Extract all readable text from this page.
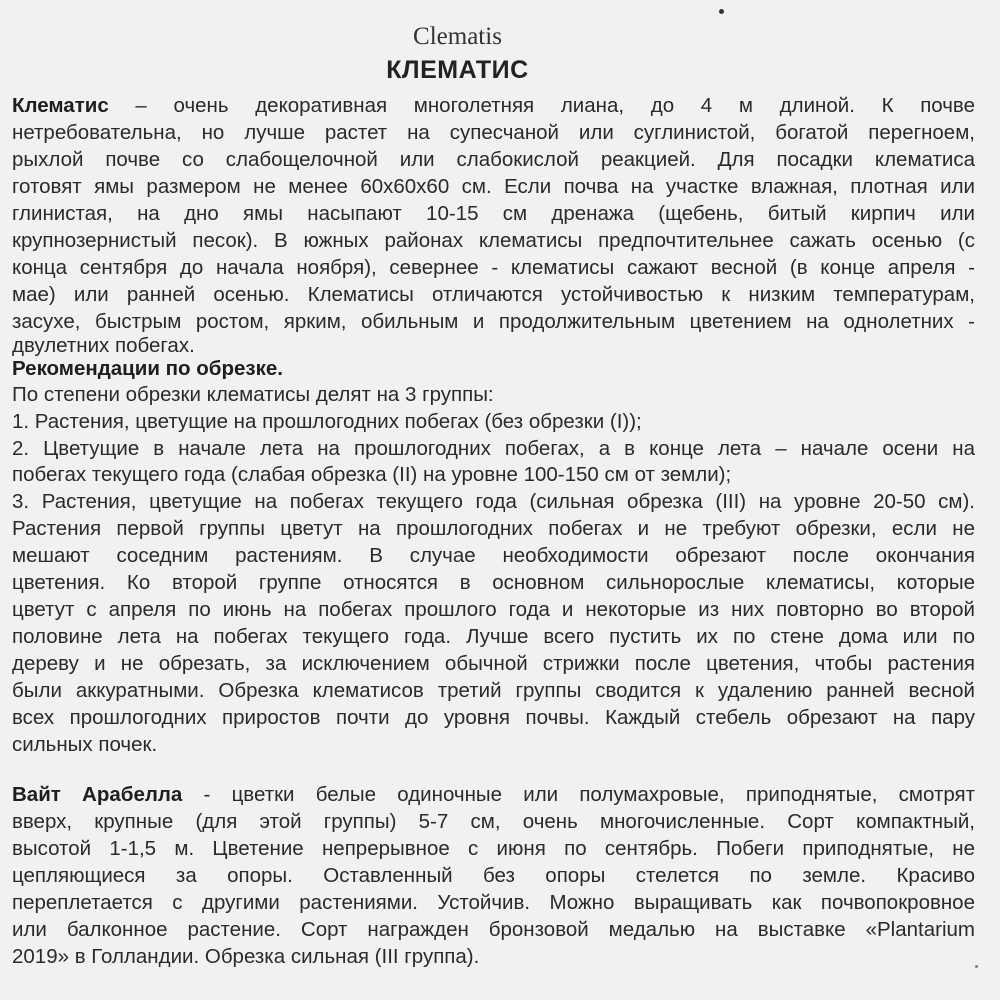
Clematis
КЛЕМАТИС
Клематис – очень декоративная многолетняя лиана, до 4 м длиной. К почве
нетребовательна, но лучше растет на супесчаной или суглинистой, богатой перегноем,
рыхлой почве со слабощелочной или слабокислой реакцией. Для посадки клематиса
готовят ямы размером не менее 60x60x60 см. Если почва на участке влажная, плотная или
глинистая, на дно ямы насыпают 10-15 см дренажа (щебень, битый кирпич или
крупнозернистый песок). В южных районах клематисы предпочтительнее сажать осенью (с
конца сентября до начала ноября), севернее - клематисы сажают весной (в конце апреля -
мае) или ранней осенью. Клематисы отличаются устойчивостью к низким температурам,
засухе, быстрым ростом, ярким, обильным и продолжительным цветением на однолетних -
двулетних побегах.
Рекомендации по обрезке.
По степени обрезки клематисы делят на 3 группы:
1. Растения, цветущие на прошлогодних побегах (без обрезки (I));
2. Цветущие в начале лета на прошлогодних побегах, а в конце лета – начале осени на
побегах текущего года (слабая обрезка (II) на уровне 100-150 см от земли);
3. Растения, цветущие на побегах текущего года (сильная обрезка (III) на уровне 20-50 см).
Растения первой группы цветут на прошлогодних побегах и не требуют обрезки, если не
мешают соседним растениям. В случае необходимости обрезают после окончания
цветения. Ко второй группе относятся в основном сильнорослые клематисы, которые
цветут с апреля по июнь на побегах прошлого года и некоторые из них повторно во второй
половине лета на побегах текущего года. Лучше всего пустить их по стене дома или по
дереву и не обрезать, за исключением обычной стрижки после цветения, чтобы растения
были аккуратными. Обрезка клематисов третий группы сводится к удалению ранней весной
всех прошлогодних приростов почти до уровня почвы. Каждый стебель обрезают на пару
сильных почек.
Вайт Арабелла - цветки белые одиночные или полумахровые, приподнятые, смотрят
вверх, крупные (для этой группы) 5-7 см, очень многочисленные. Сорт компактный,
высотой 1-1,5 м. Цветение непрерывное с июня по сентябрь. Побеги приподнятые, не
цепляющиеся за опоры. Оставленный без опоры стелется по земле. Красиво
переплетается с другими растениями. Устойчив. Можно выращивать как почвопокровное
или балконное растение. Сорт награжден бронзовой медалью на выставке «Plantarium
2019» в Голландии. Обрезка сильная (III группа).
